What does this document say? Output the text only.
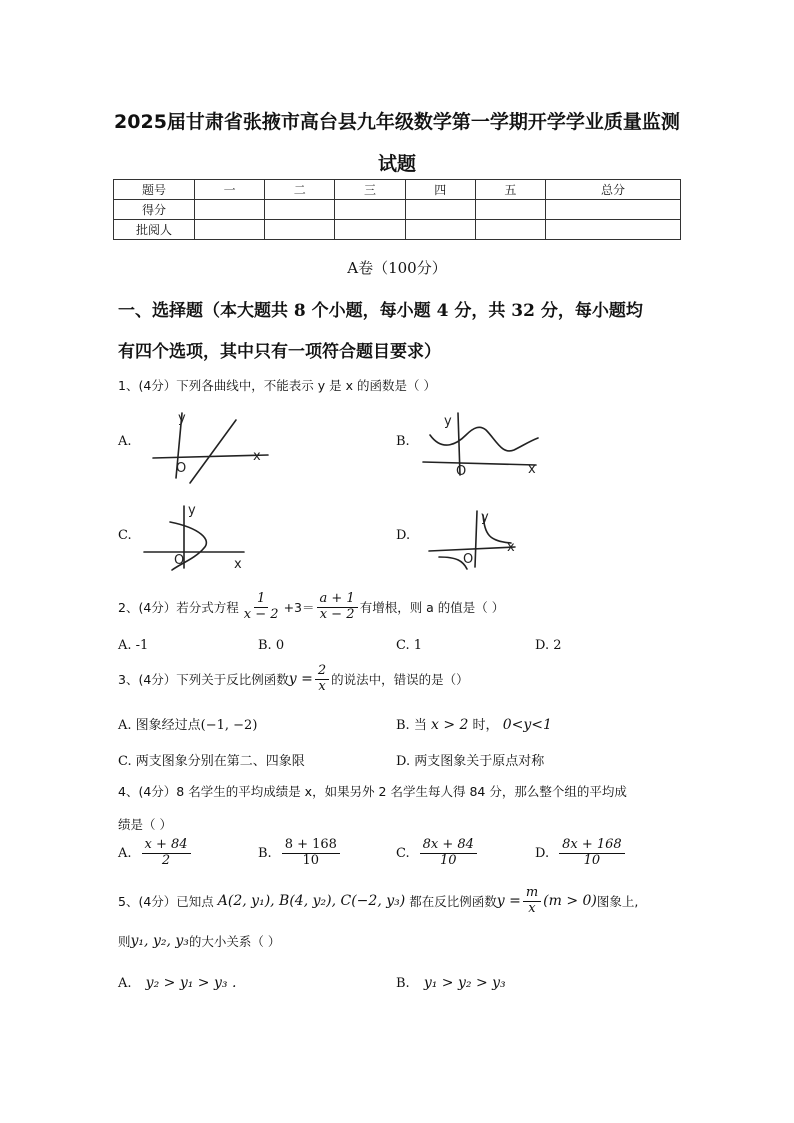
2025届甘肃省张掖市高台县九年级数学第一学期开学学业质量监测
试题
题号	一	二	三	四	五	总分
得分						
批阅人						
A卷（100分）
一、选择题（本大题共 8 个小题，每小题 4 分，共 32 分，每小题均
有四个选项，其中只有一项符合题目要求）
1、(4分）下列各曲线中，不能表示 y 是 x 的函数是（ ）
A.
y
x
O
B.
y
x
O
C.
y
x
O
D.
y
x
O
2、(4分）若分式方程 $\frac{1}{x - 2} +3= \frac{a + 1}{x - 2}$ 有增根，则 a 的值是（ ）
A. -1	B. 0	C. 1	D. 2
3、(4分）下列关于反比例函数 $y = \frac{2}{x}$ 的说法中，错误的是（）
A. 图象经过点(−1, −2)	B. 当 x > 2 时， 0<y<1
C. 两支图象分别在第二、四象限	D. 两支图象关于原点对称
4、(4分）8 名学生的平均成绩是 x，如果另外 2 名学生每人得 84 分，那么整个组的平均成
绩是（ ）
A. $\frac{x + 84}{2}$	B. $\frac{8 + 168}{10}$	C. $\frac{8x + 84}{10}$	D. $\frac{8x + 168}{10}$
5、(4分）已知点 A(2, y₁), B(4, y₂), C(−2, y₃) 都在反比例函数 $y = \frac{m}{x} (m > 0)$ 图象上,
则 y₁, y₂, y₃ 的大小关系（ ）
A. y₂ > y₁ > y₃ .	B. y₁ > y₂ > y₃
